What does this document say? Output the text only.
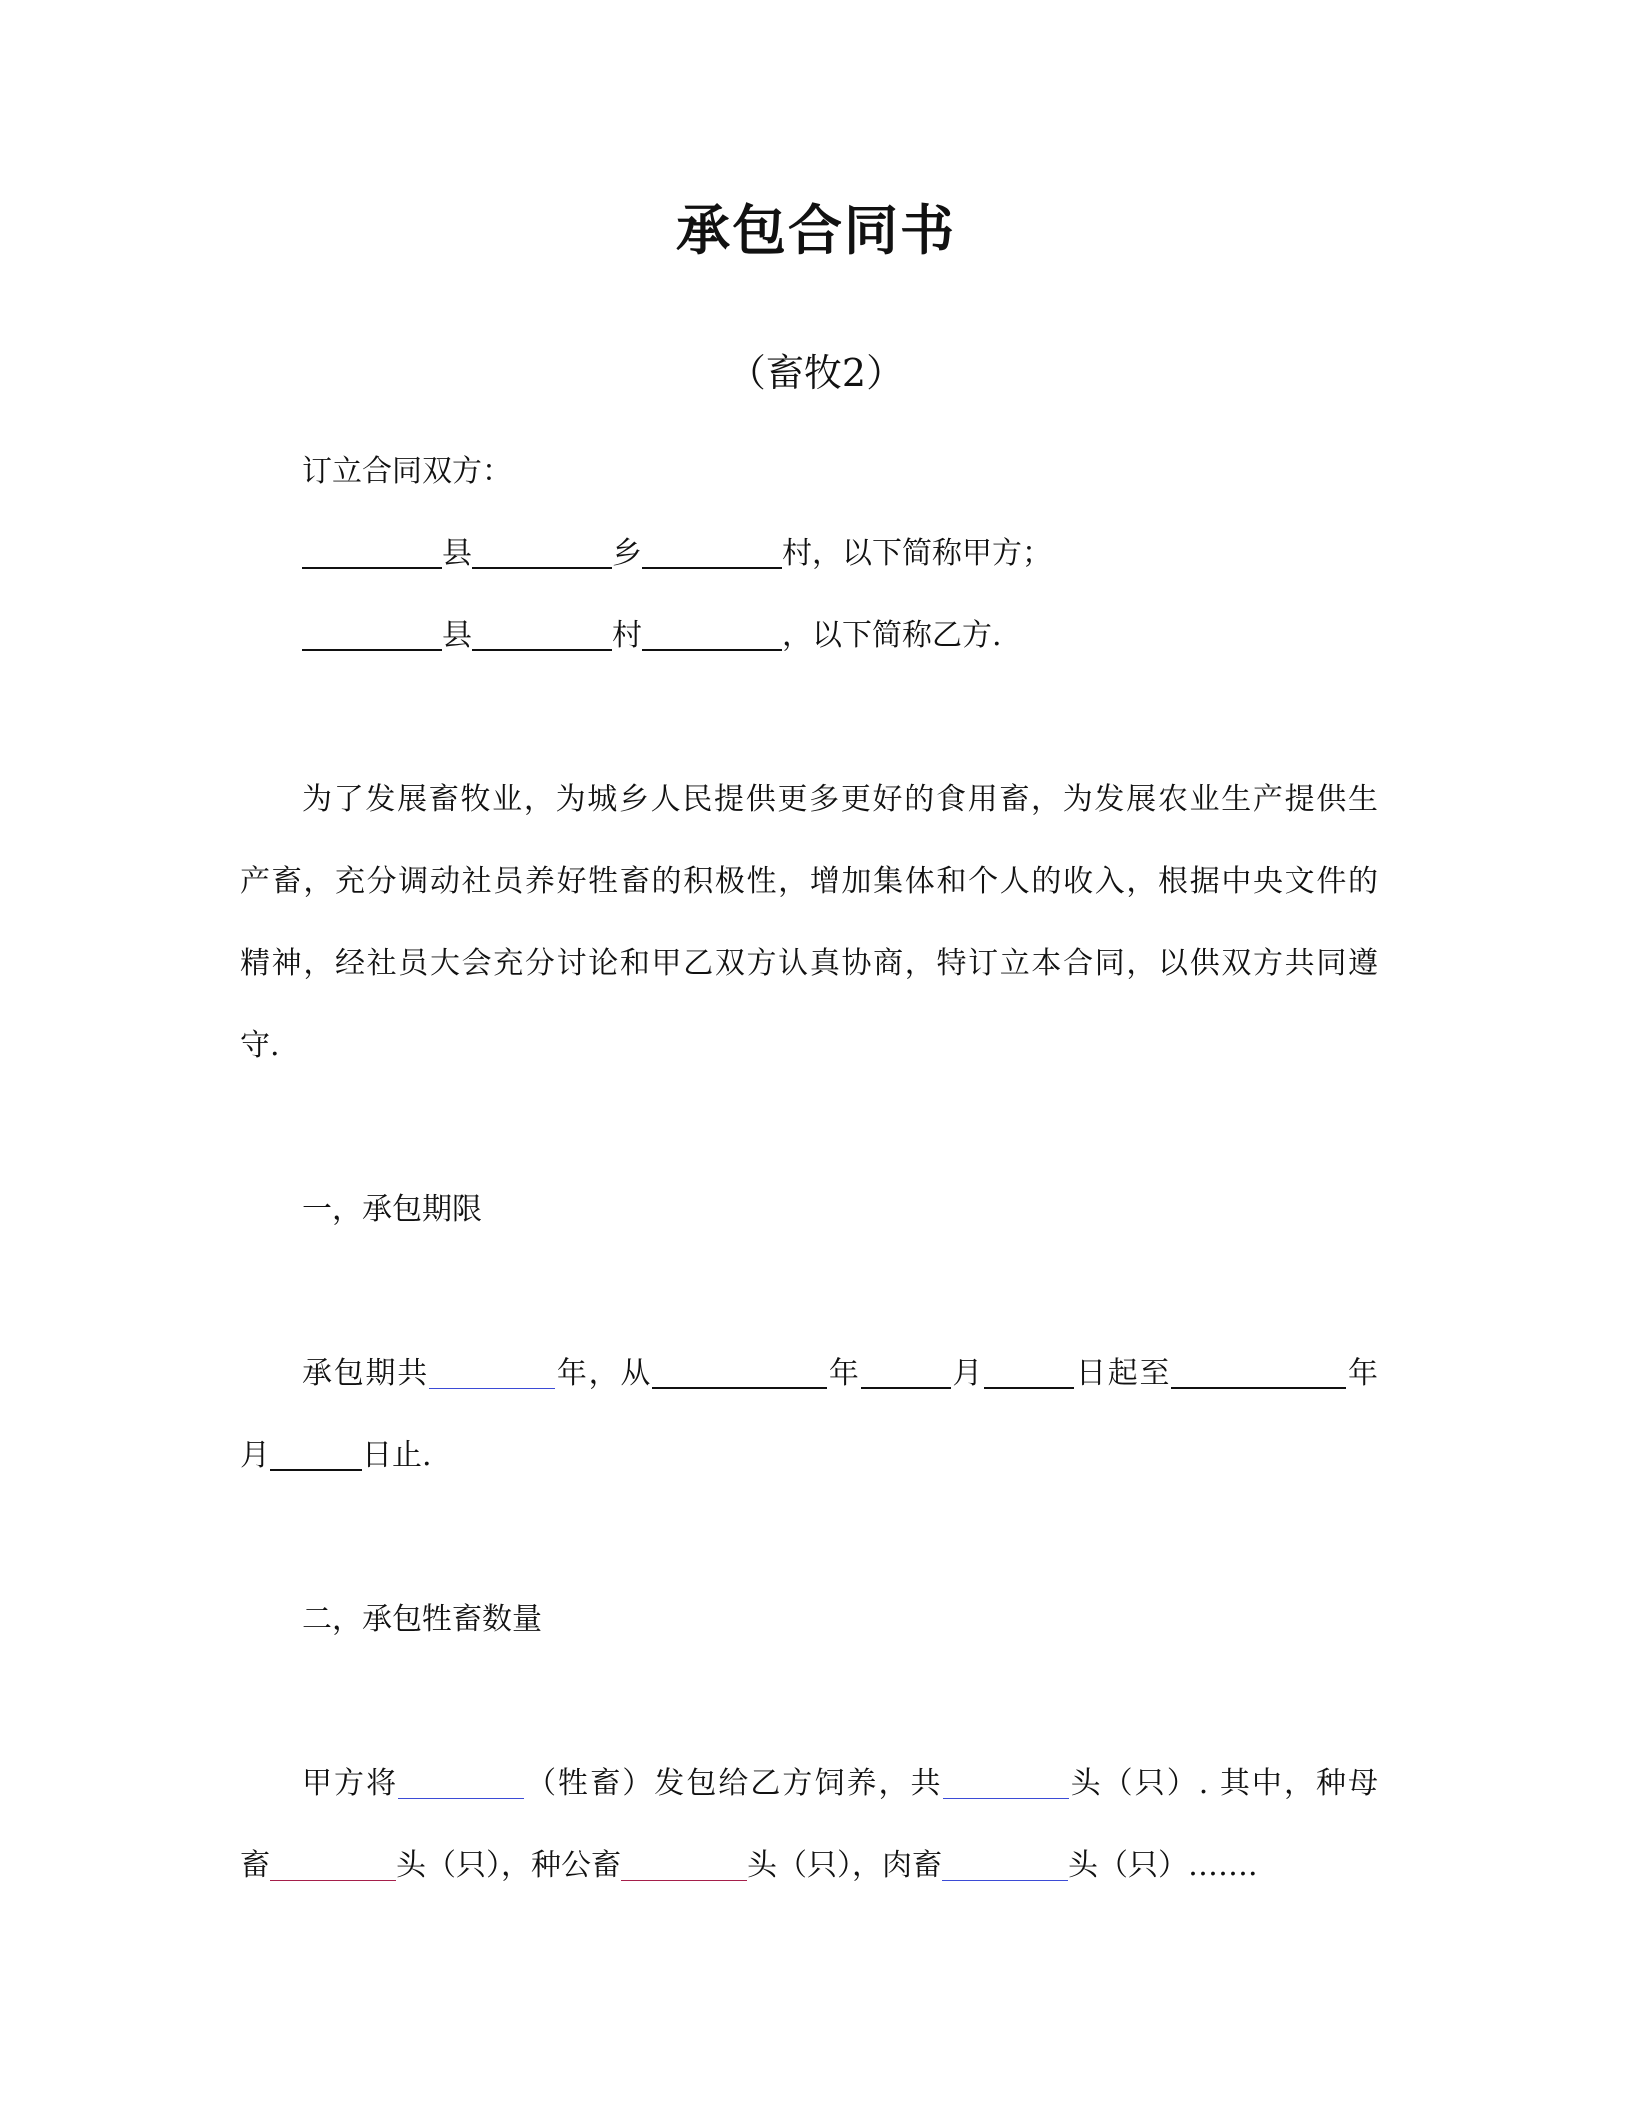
承包合同书
（畜牧2）
订立合同双方：
县	乡	村，以下简称甲方；
县	村	，以下简称乙方.
为了发展畜牧业，为城乡人民提供更多更好的食用畜，为发展农业生产提供生
产畜，充分调动社员养好牲畜的积极性，增加集体和个人的收入，根据中央文件的
精神，经社员大会充分讨论和甲乙双方认真协商，特订立本合同，以供双方共同遵
守.
一，承包期限
承包期共	年，从	年	月	日起至	年
月	日止.
二，承包牲畜数量
甲方将	（牲畜）发包给乙方饲养，共	头（只）. 其中，种母
畜	头（只），种公畜	头（只），肉畜	头（只）…….
